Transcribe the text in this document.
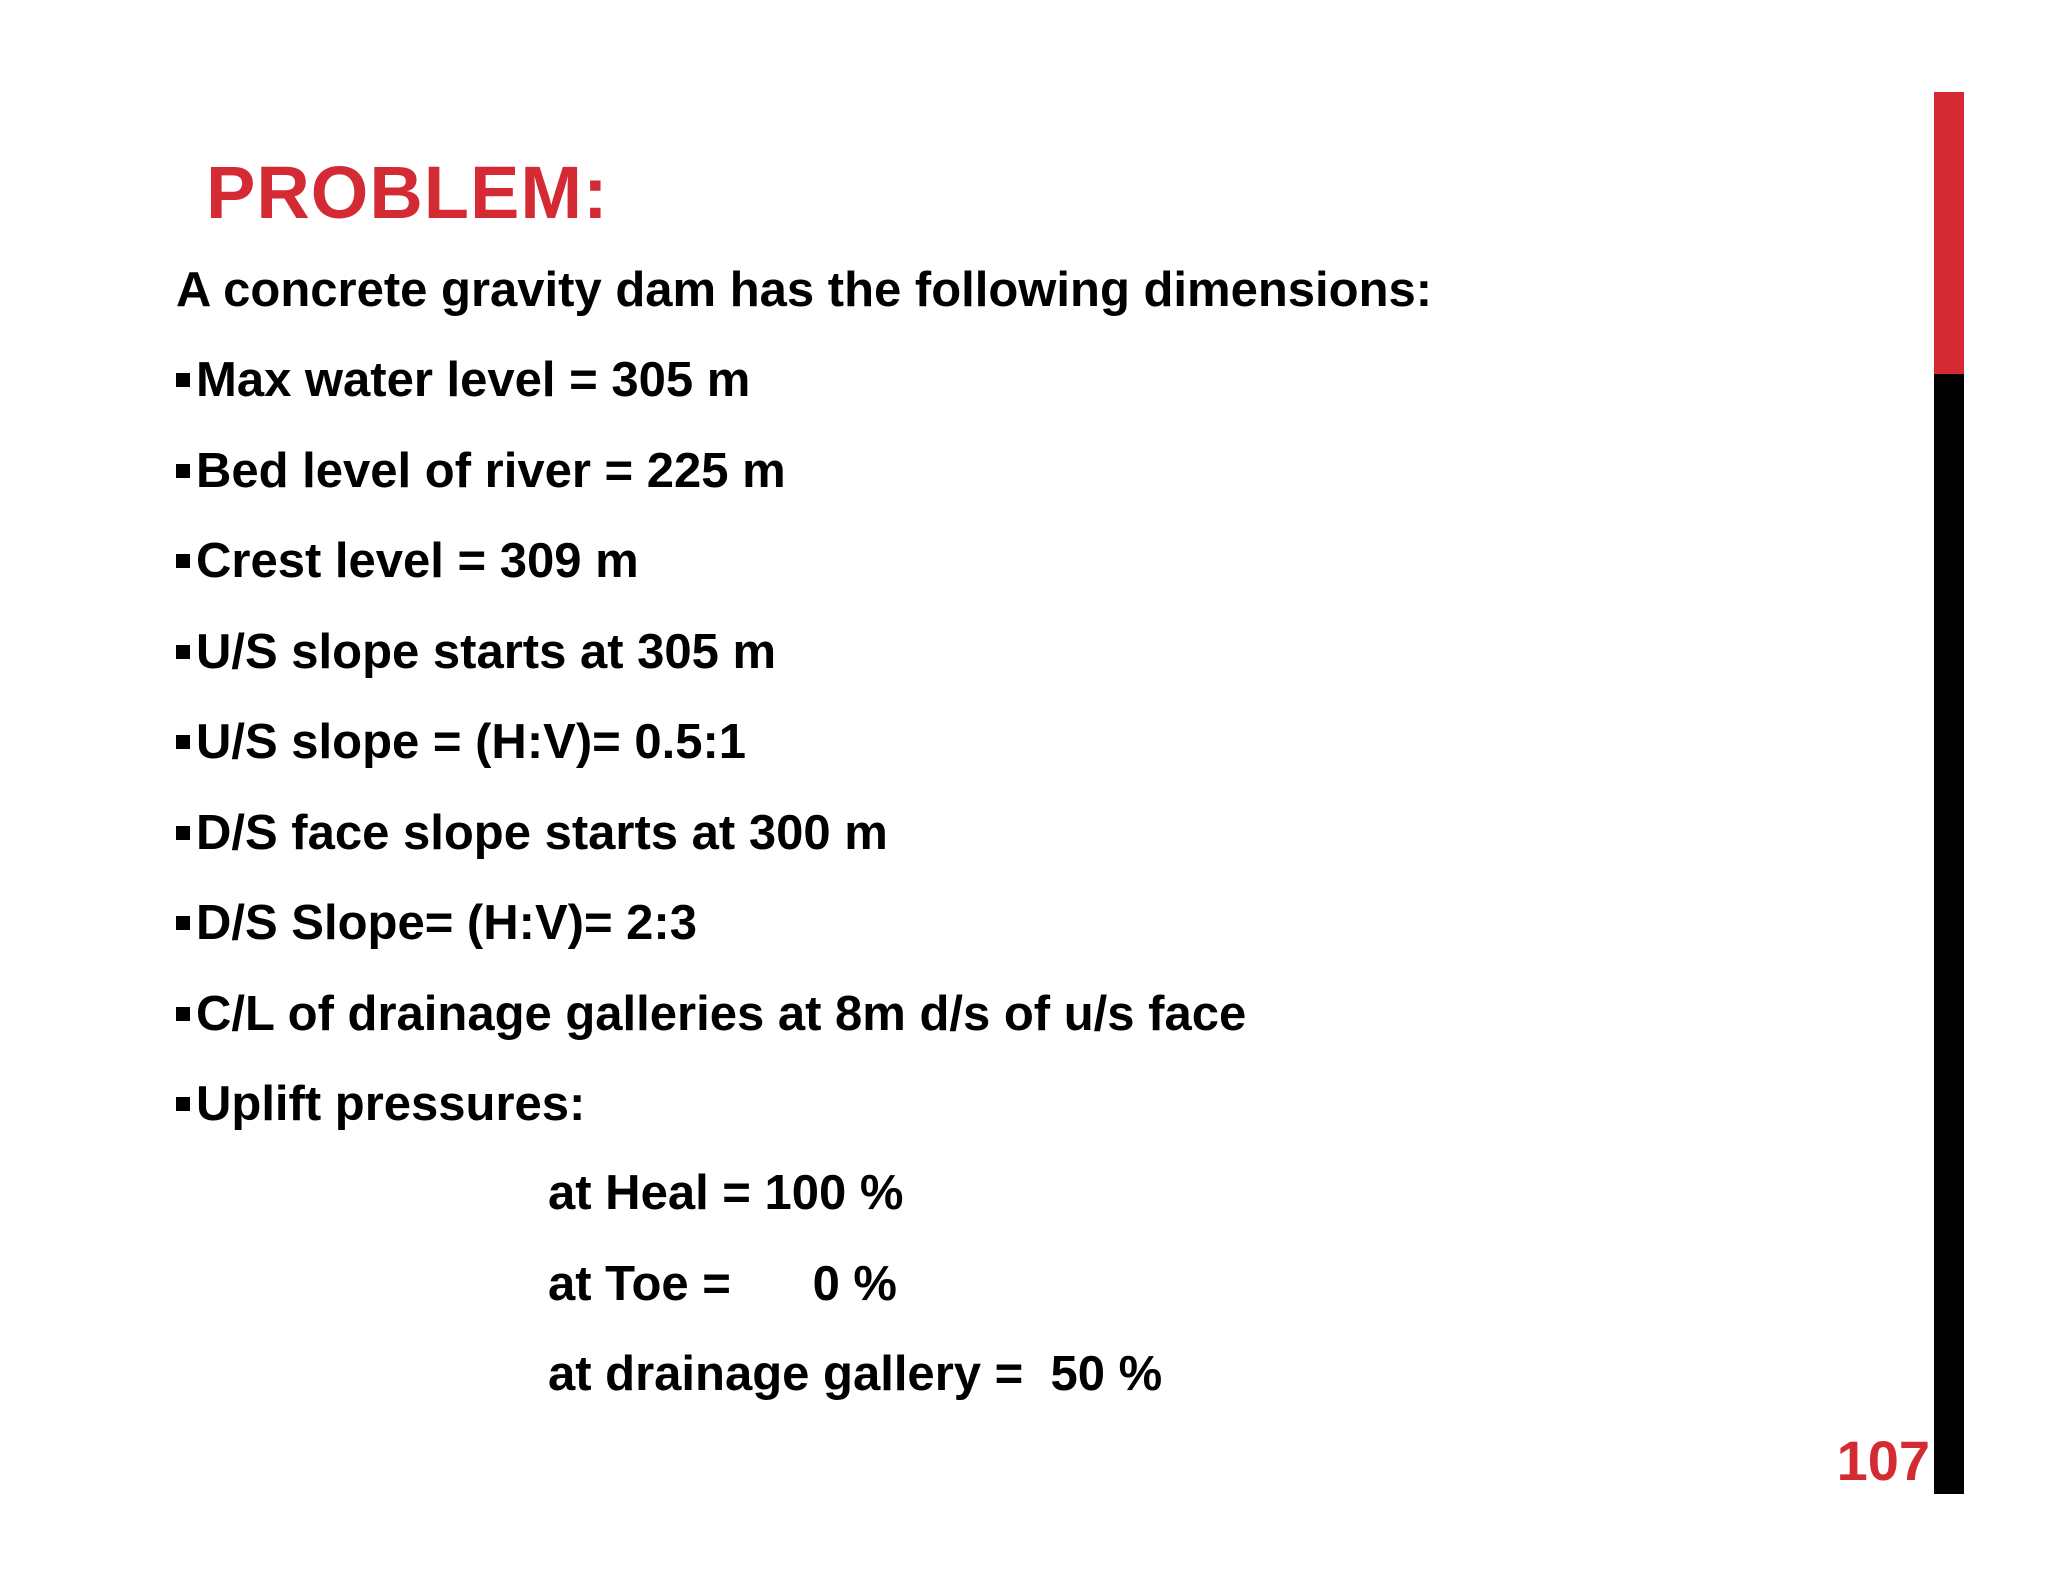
PROBLEM:

A concrete gravity dam has the following dimensions:

Max water level = 305 m
Bed level of river = 225 m
Crest level = 309 m
U/S slope starts at 305 m
U/S slope = (H:V)= 0.5:1
D/S face slope starts at 300 m
D/S Slope= (H:V)= 2:3
C/L of drainage galleries at 8m d/s of u/s face
Uplift pressures:
at Heal = 100 %
at Toe =      0 %
at drainage gallery =  50 %
107
